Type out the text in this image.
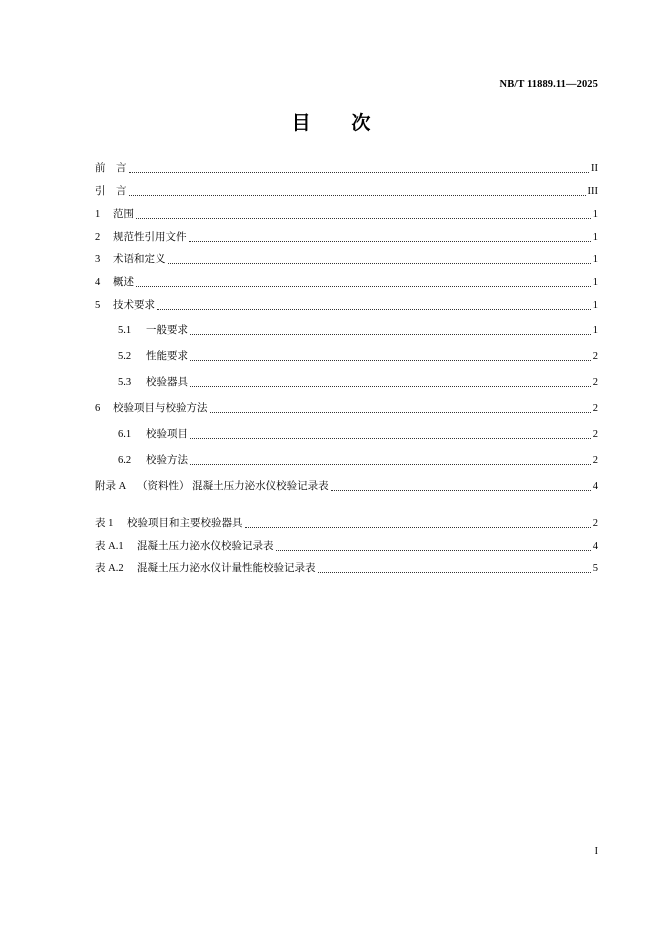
NB/T 11889.11—2025
目 次
前　言	II
引　言	III
1	范围	1
2	规范性引用文件	1
3	术语和定义	1
4	概述	1
5	技术要求	1
5.1	一般要求	1
5.2	性能要求	2
5.3	校验器具	2
6	校验项目与校验方法	2
6.1	校验项目	2
6.2	校验方法	2
附录 A	（资料性） 混凝土压力泌水仪校验记录表	4
表 1	校验项目和主要校验器具	2
表 A.1	混凝土压力泌水仪校验记录表	4
表 A.2	混凝土压力泌水仪计量性能校验记录表	5
I
